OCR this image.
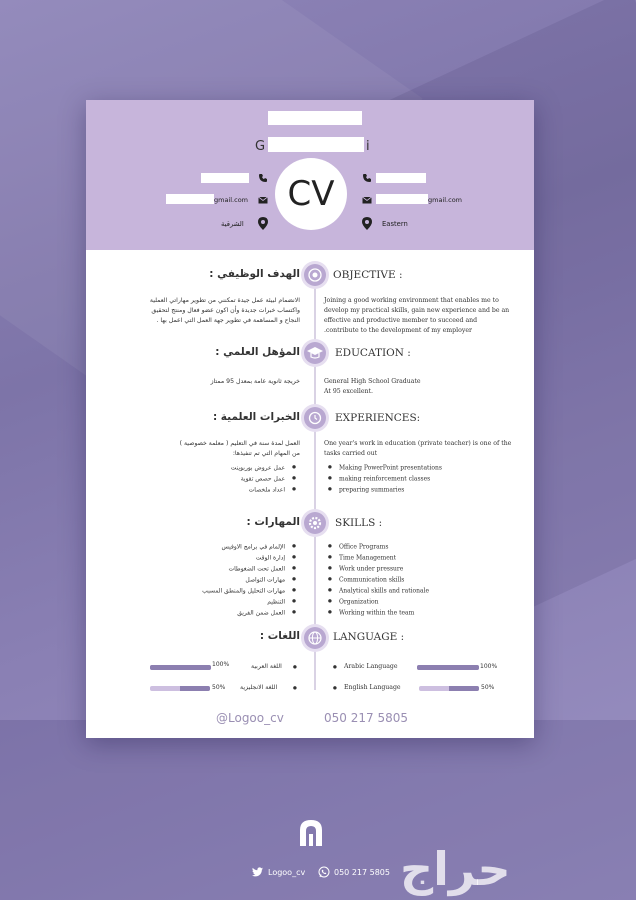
G	i
CV
gmail.com
الشرقية
gmail.com
Eastern
OBJECTIVE :
الهدف الوظيفي :
Joining a good working environment that enables me to
develop my practical skills, gain new experience and be an
effective and productive member to succeed and
.contribute to the development of my employer
الانضمام لبيئة عمل جيدة تمكنني من تطوير مهاراتي العملية
واكتساب خبرات جديدة وأن اكون عضو فعال ومنتج لتحقيق
النجاح و المساهمة في تطوير جهة العمل التي اعمل بها .
EDUCATION :
المؤهل العلمي :
General High School Graduate
At 95 excellent.
خريجة ثانوية عامة بمعدل 95 ممتاز
EXPERIENCES:
الخبرات العلمية :
One year's work in education (private teacher) is one of the
tasks carried out
العمل لمدة سنة في التعليم ( معلمة خصوصية )
من المهام التي تم تنفيذها:
● Making PowerPoint presentations
● making reinforcement classes
● preparing summaries
● عمل عروض بوربوينت
● عمل حصص تقوية
● اعداد ملخصات
SKILLS :
المهارات :
● Office Programs
● Time Management
● Work under pressure
● Communication skills
● Analytical skills and rationale
● Organization
● Working within the team
● الإلمام في برامج الاوفيس
● إدارة الوقت
● العمل تحت الضغوطات
● مهارات التواصل
● مهارات التحليل والمنطق المسبب
● التنظيم
● العمل ضمن الفريق
LANGUAGE :
اللغات :
● Arabic Language	100%
100%	اللغة العربية ●
● English Language	50%
50% اللغة الانجليزية	●
@Logoo_cv	050 217 5805
Logoo_cv	050 217 5805 حراج
